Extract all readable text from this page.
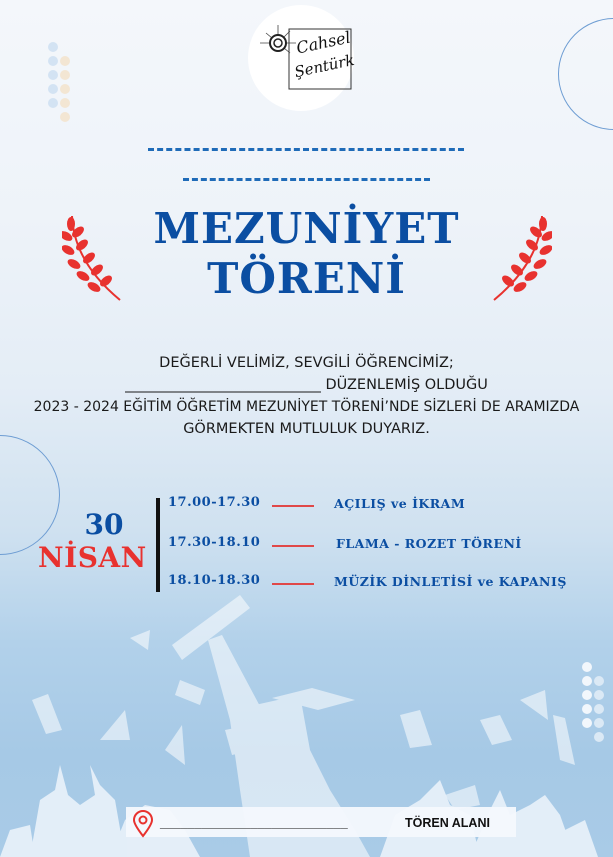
Cahsel
Şentürk
MEZUNİYET
TÖRENİ
DEĞERLİ VELİMİZ, SEVGİLİ ÖĞRENCİMİZ;
___________________________ DÜZENLEMİŞ OLDUĞU
2023 - 2024 EĞİTİM ÖĞRETİM MEZUNİYET TÖRENİ’NDE SİZLERİ DE ARAMIZDA
GÖRMEKTEN MUTLULUK DUYARIZ.
30
NİSAN
17.00-17.30	AÇILIŞ ve İKRAM
17.30-18.10	FLAMA - ROZET TÖRENİ
18.10-18.30	MÜZİK DİNLETİSİ ve KAPANIŞ
___________________________	TÖREN ALANI
